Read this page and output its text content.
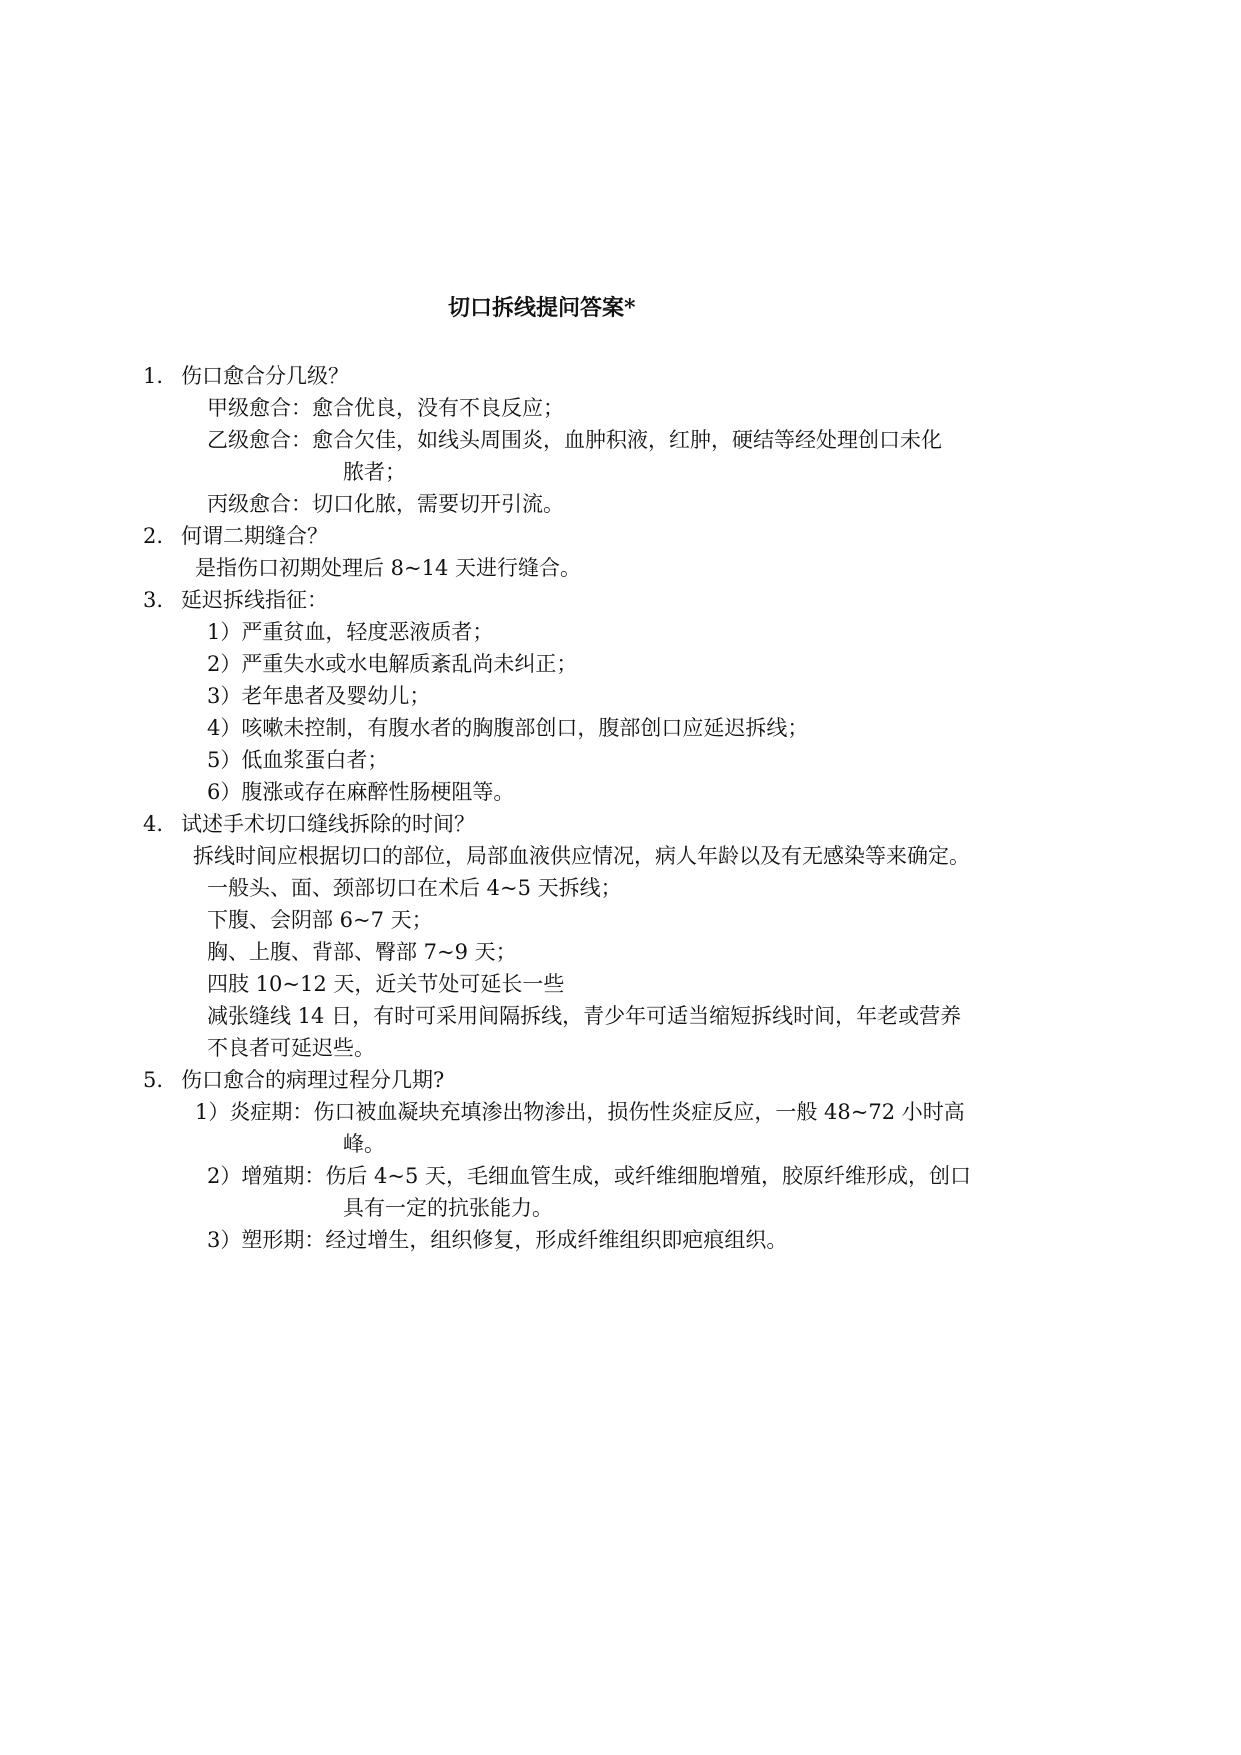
切口拆线提问答案*
1. 伤口愈合分几级？
甲级愈合：愈合优良，没有不良反应；
乙级愈合：愈合欠佳，如线头周围炎，血肿积液，红肿，硬结等经处理创口未化
脓者；
丙级愈合：切口化脓，需要切开引流。
2. 何谓二期缝合？
是指伤口初期处理后 8~14 天进行缝合。
3. 延迟拆线指征：
1）严重贫血，轻度恶液质者；
2）严重失水或水电解质紊乱尚未纠正；
3）老年患者及婴幼儿；
4）咳嗽未控制，有腹水者的胸腹部创口，腹部创口应延迟拆线；
5）低血浆蛋白者；
6）腹涨或存在麻醉性肠梗阻等。
4. 试述手术切口缝线拆除的时间？
拆线时间应根据切口的部位，局部血液供应情况，病人年龄以及有无感染等来确定。
一般头、面、颈部切口在术后 4~5 天拆线；
下腹、会阴部 6~7 天；
胸、上腹、背部、臀部 7~9 天；
四肢 10~12 天，近关节处可延长一些
减张缝线 14 日，有时可采用间隔拆线，青少年可适当缩短拆线时间，年老或营养
不良者可延迟些。
5. 伤口愈合的病理过程分几期?
1）炎症期：伤口被血凝块充填渗出物渗出，损伤性炎症反应，一般 48~72 小时高
峰。
2）增殖期：伤后 4~5 天，毛细血管生成，或纤维细胞增殖，胶原纤维形成，创口
具有一定的抗张能力。
3）塑形期：经过增生，组织修复，形成纤维组织即疤痕组织。
